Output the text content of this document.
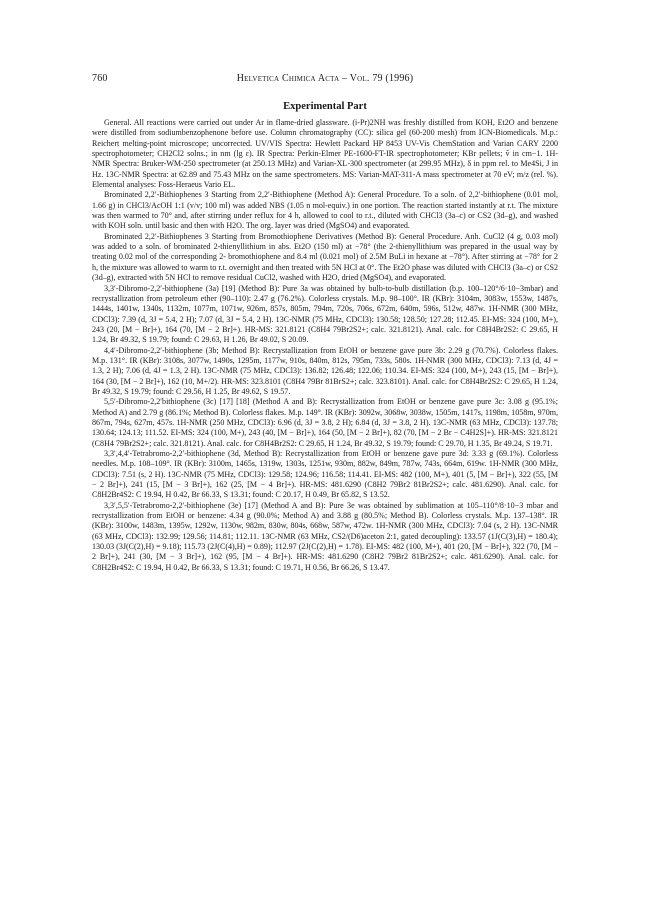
760	Helvetica Chimica Acta – Vol. 79 (1996)
Experimental Part

General. All reactions were carried out under Ar in flame-dried glassware. (i-Pr)2NH was freshly distilled from KOH, Et2O and benzene were distilled from sodiumbenzophenone before use. Column chromatography (CC): silica gel (60-200 mesh) from ICN-Biomedicals. M.p.: Reichert melting-point microscope; uncorrected. UV/VIS Spectra: Hewlett Packard HP 8453 UV-Vis ChemStation and Varian CARY 2200 spectrophotometer; CH2Cl2 solns.; in nm (lg ε). IR Spectra: Perkin-Elmer PE-1600-FT-IR spectrophotometer; KBr pellets; ṽ in cm−1. 1H-NMR Spectra: Bruker-WM-250 spectrometer (at 250.13 MHz) and Varian-XL-300 spectrometer (at 299.95 MHz), δ in ppm rel. to Me4Si, J in Hz. 13C-NMR Spectra: at 62.89 and 75.43 MHz on the same spectrometers. MS: Varian-MAT-311-A mass spectrometer at 70 eV; m/z (rel. %). Elemental analyses: Foss-Heraeus Vario EL.

Brominated 2,2′-Bithiophenes 3 Starting from 2,2′-Bithiophene (Method A): General Procedure. To a soln. of 2,2′-bithiophene (0.01 mol, 1.66 g) in CHCl3/AcOH 1:1 (v/v; 100 ml) was added NBS (1.05 n mol-equiv.) in one portion. The reaction started instantly at r.t. The mixture was then warmed to 70° and, after stirring under reflux for 4 h, allowed to cool to r.t., diluted with CHCl3 (3a–c) or CS2 (3d–g), and washed with KOH soln. until basic and then with H2O. The org. layer was dried (MgSO4) and evaporated.

Brominated 2,2′-Bithiophenes 3 Starting from Bromothiophene Derivatives (Method B): General Procedure. Anh. CuCl2 (4 g, 0.03 mol) was added to a soln. of brominated 2-thienyllithium in abs. Et2O (150 ml) at −78° (the 2-thienyllithium was prepared in the usual way by treating 0.02 mol of the corresponding 2- bromothiophene and 8.4 ml (0.021 mol) of 2.5M BuLi in hexane at −78°). After stirring at −78° for 2 h, the mixture was allowed to warm to r.t. overnight and then treated with 5N HCl at 0°. The Et2O phase was diluted with CHCl3 (3a–c) or CS2 (3d–g), extracted with 5N HCl to remove residual CuCl2, washed with H2O, dried (MgSO4), and evaporated.

3,3′-Dibromo-2,2′-bithiophene (3a) [19] (Method B): Pure 3a was obtained by bulb-to-bulb distillation (b.p. 100–120°/6·10−3mbar) and recrystallization from petroleum ether (90–110): 2.47 g (76.2%). Colorless crystals. M.p. 98–100°. IR (KBr): 3104m, 3083w, 1553w, 1487s, 1444s, 1401w, 1340s, 1132m, 1077m, 1071w, 926m, 857s, 805m, 794m, 720s, 706s, 672m, 640m, 596s, 512w, 487w. 1H-NMR (300 MHz, CDCl3): 7.39 (d, 3J = 5.4, 2 H); 7.07 (d, 3J = 5.4, 2 H). 13C-NMR (75 MHz, CDCl3): 130.58; 128.50; 127.28; 112.45. EI-MS: 324 (100, M+), 243 (20, [M − Br]+), 164 (70, [M − 2 Br]+). HR-MS: 321.8121 (C8H4 79Br2S2+; calc. 321.8121). Anal. calc. for C8H4Br2S2: C 29.65, H 1.24, Br 49.32, S 19.79; found: C 29.63, H 1.26, Br 49.02, S 20.09.

4,4′-Dibromo-2,2′-bithiophene (3b; Method B): Recrystallization from EtOH or benzene gave pure 3b: 2.29 g (70.7%). Colorless flakes. M.p. 131°. IR (KBr): 3108s, 3077w, 1490s, 1295m, 1177w, 910s, 840m, 812s, 795m, 733s, 580s. 1H-NMR (300 MHz, CDCl3): 7.13 (d, 4J = 1.3, 2 H); 7.06 (d, 4J = 1.3, 2 H). 13C-NMR (75 MHz, CDCl3): 136.82; 126.48; 122.06; 110.34. EI-MS: 324 (100, M+), 243 (15, [M − Br]+), 164 (30, [M − 2 Br]+), 162 (10, M+/2). HR-MS: 323.8101 (C8H4 79Br 81BrS2+; calc. 323.8101). Anal. calc. for C8H4Br2S2: C 29.65, H 1.24, Br 49.32, S 19.79; found: C 29.56, H 1.25, Br 49.62, S 19.57.

5,5′-Dibromo-2,2′bithiophene (3c) [17] [18] (Method A and B): Recrystallization from EtOH or benzene gave pure 3c: 3.08 g (95.1%; Method A) and 2.79 g (86.1%; Method B). Colorless flakes. M.p. 149°. IR (KBr): 3092w, 3068w, 3038w, 1505m, 1417s, 1198m, 1058m, 970m, 867m, 794s, 627m, 457s. 1H-NMR (250 MHz, CDCl3): 6.96 (d, 3J = 3.8, 2 H); 6.84 (d, 3J = 3.8, 2 H). 13C-NMR (63 MHz, CDCl3): 137.78; 130.64; 124.13; 111.52. EI-MS: 324 (100, M+), 243 (40, [M − Br]+), 164 (50, [M − 2 Br]+), 82 (70, [M − 2 Br − C4H2S]+). HR-MS: 321.8121 (C8H4 79Br2S2+; calc. 321.8121). Anal. calc. for C8H4Br2S2: C 29.65, H 1.24, Br 49.32, S 19.79; found: C 29.70, H 1.35, Br 49.24, S 19.71.

3,3′,4,4′-Tetrabromo-2,2′-bithiophene (3d, Method B): Recrystallization from EtOH or benzene gave pure 3d: 3.33 g (69.1%). Colorless needles. M.p. 108–109°. IR (KBr): 3100m, 1465s, 1319w, 1303s, 1251w, 930m, 882w, 849m, 787w, 743s, 664m, 619w. 1H-NMR (300 MHz, CDCl3): 7.51 (s, 2 H). 13C-NMR (75 MHz, CDCl3): 129.58; 124.96; 116.58; 114.41. EI-MS: 482 (100, M+), 401 (5, [M − Br]+), 322 (55, [M − 2 Br]+), 241 (15, [M − 3 Br]+), 162 (25, [M − 4 Br]+). HR-MS: 481.6290 (C8H2 79Br2 81Br2S2+; calc. 481.6290). Anal. calc. for C8H2Br4S2: C 19.94, H 0.42, Br 66.33, S 13.31; found: C 20.17, H 0.49, Br 65.82, S 13.52.

3,3′,5,5′-Tetrabromo-2,2′-bithiophene (3e) [17] (Method A and B): Pure 3e was obtained by sublimation at 105–110°/8·10−3 mbar and recrystallization from EtOH or benzene: 4.34 g (90.0%; Method A) and 3.88 g (80.5%; Method B). Colorless crystals. M.p. 137–138°. IR (KBr): 3100w, 1483m, 1395w, 1292w, 1130w, 982m, 830w, 804s, 668w, 587w, 472w. 1H-NMR (300 MHz, CDCl3): 7.04 (s, 2 H). 13C-NMR (63 MHz, CDCl3): 132.99; 129.56; 114.81; 112.11. 13C-NMR (63 MHz, CS2/(D6)aceton 2:1, gated decoupling): 133.57 (1J(C(3),H) = 180.4); 130.03 (3J(C(2),H) = 9.18); 115.73 (2J(C(4),H) = 0.89); 112.97 (2J(C(2),H) = 1.78). EI-MS: 482 (100, M+), 401 (20, [M − Br]+), 322 (70, [M − 2 Br]+), 241 (30, [M − 3 Br]+), 162 (95, [M − 4 Br]+). HR-MS: 481.6290 (C8H2 79Br2 81Br2S2+; calc. 481.6290). Anal. calc. for C8H2Br4S2: C 19.94, H 0.42, Br 66.33, S 13.31; found: C 19.71, H 0.56, Br 66.26, S 13.47.
